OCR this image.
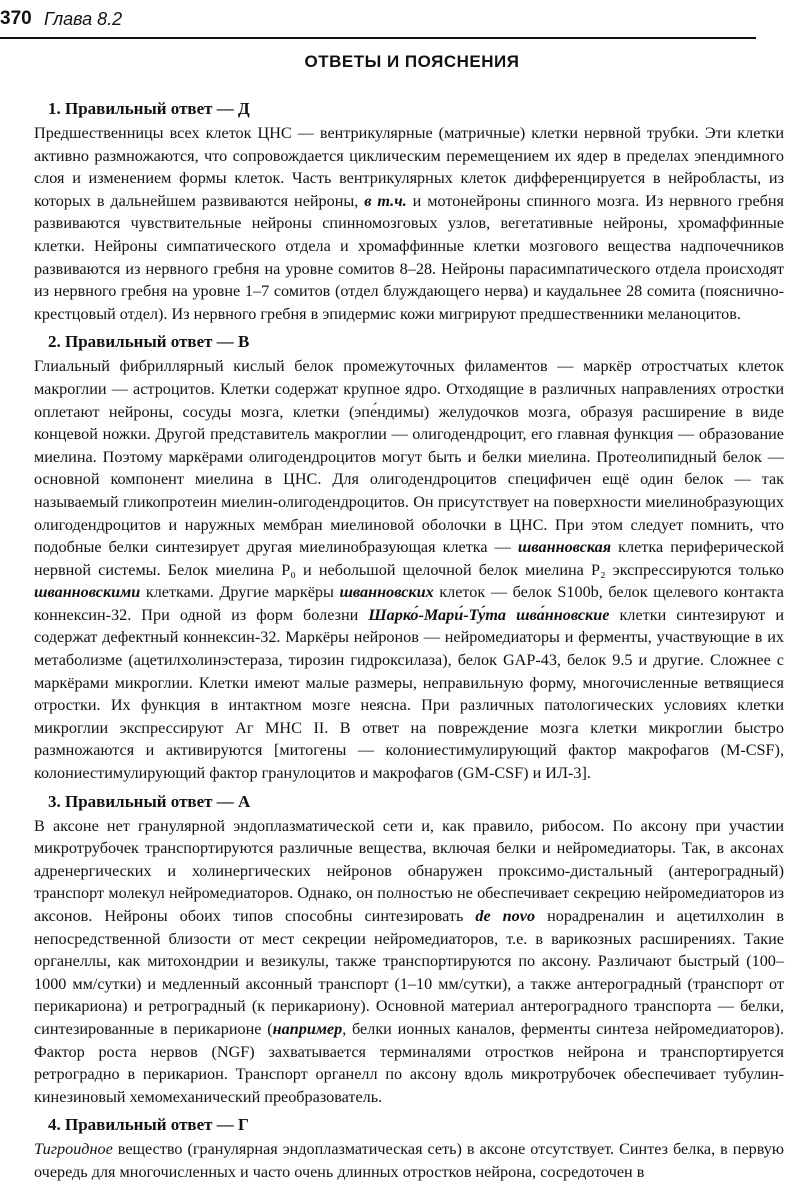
370 Глава 8.2
ОТВЕТЫ И ПОЯСНЕНИЯ
1. Правильный ответ — Д

Предшественницы всех клеток ЦНС — вентрикулярные (матричные) клетки нервной трубки. Эти клетки активно размножаются, что сопровождается циклическим перемещением их ядер в пределах эпендимного слоя и изменением формы клеток. Часть вентрикулярных клеток дифференцируется в нейробласты, из которых в дальнейшем развиваются нейроны, в т.ч. и мотонейроны спинного мозга. Из нервного гребня развиваются чувствительные нейроны спинномозговых узлов, вегетативные нейроны, хромаффинные клетки. Нейроны симпатического отдела и хромаффинные клетки мозгового вещества надпочечников развиваются из нервного гребня на уровне сомитов 8–28. Нейроны парасимпатического отдела происходят из нервного гребня на уровне 1–7 сомитов (отдел блуждающего нерва) и каудальнее 28 сомита (пояснично-крестцовый отдел). Из нервного гребня в эпидермис кожи мигрируют предшественники меланоцитов.

2. Правильный ответ — В

Глиальный фибриллярный кислый белок промежуточных филаментов — маркёр отростчатых клеток макроглии — астроцитов. Клетки содержат крупное ядро. Отходящие в различных направлениях отростки оплетают нейроны, сосуды мозга, клетки (эпе́ндимы) желудочков мозга, образуя расширение в виде концевой ножки. Другой представитель макроглии — олигодендроцит, его главная функция — образование миелина. Поэтому маркёрами олигодендроцитов могут быть и белки миелина. Протеолипидный белок — основной компонент миелина в ЦНС. Для олигодендроцитов специфичен ещё один белок — так называемый гликопротеин миелин-олигодендроцитов. Он присутствует на поверхности миелинобразующих олигодендроцитов и наружных мембран миелиновой оболочки в ЦНС. При этом следует помнить, что подобные белки синтезирует другая миелинобразующая клетка — шванновская клетка периферической нервной системы. Белок миелина P₀ и небольшой щелочной белок миелина P₂ экспрессируются только шванновскими клетками. Другие маркёры шванновских клеток — белок S100b, белок щелевого контакта коннексин-32. При одной из форм болезни Шарко́-Мари́-Ту́та шва́нновские клетки синтезируют и содержат дефектный коннексин-32. Маркёры нейронов — нейромедиаторы и ферменты, участвующие в их метаболизме (ацетилхолинэстераза, тирозин гидроксилаза), белок GAP-43, белок 9.5 и другие. Сложнее с маркёрами микроглии. Клетки имеют малые размеры, неправильную форму, многочисленные ветвящиеся отростки. Их функция в интактном мозге неясна. При различных патологических условиях клетки микроглии экспрессируют Аг MHC II. В ответ на повреждение мозга клетки микроглии быстро размножаются и активируются [митогены — колониестимулирующий фактор макрофагов (M-CSF), колониестимулирующий фактор гранулоцитов и макрофагов (GM-CSF) и ИЛ-3].

3. Правильный ответ — А

В аксоне нет гранулярной эндоплазматической сети и, как правило, рибосом. По аксону при участии микротрубочек транспортируются различные вещества, включая белки и нейромедиаторы. Так, в аксонах адренергических и холинергических нейронов обнаружен проксимо-дистальный (антероградный) транспорт молекул нейромедиаторов. Однако, он полностью не обеспечивает секрецию нейромедиаторов из аксонов. Нейроны обоих типов способны синтезировать de novo норадреналин и ацетилхолин в непосредственной близости от мест секреции нейромедиаторов, т.е. в варикозных расширениях. Такие органеллы, как митохондрии и везикулы, также транспортируются по аксону. Различают быстрый (100–1000 мм/сутки) и медленный аксонный транспорт (1–10 мм/сутки), а также антероградный (транспорт от перикариона) и ретроградный (к перикариону). Основной материал антероградного транспорта — белки, синтезированные в перикарионе (например, белки ионных каналов, ферменты синтеза нейромедиаторов). Фактор роста нервов (NGF) захватывается терминалями отростков нейрона и транспортируется ретроградно в перикарион. Транспорт органелл по аксону вдоль микротрубочек обеспечивает тубулин-кинезиновый хемомеханический преобразователь.

4. Правильный ответ — Г

Тигроидное вещество (гранулярная эндоплазматическая сеть) в аксоне отсутствует. Синтез белка, в первую очередь для многочисленных и часто очень длинных отростков нейрона, сосредоточен в
